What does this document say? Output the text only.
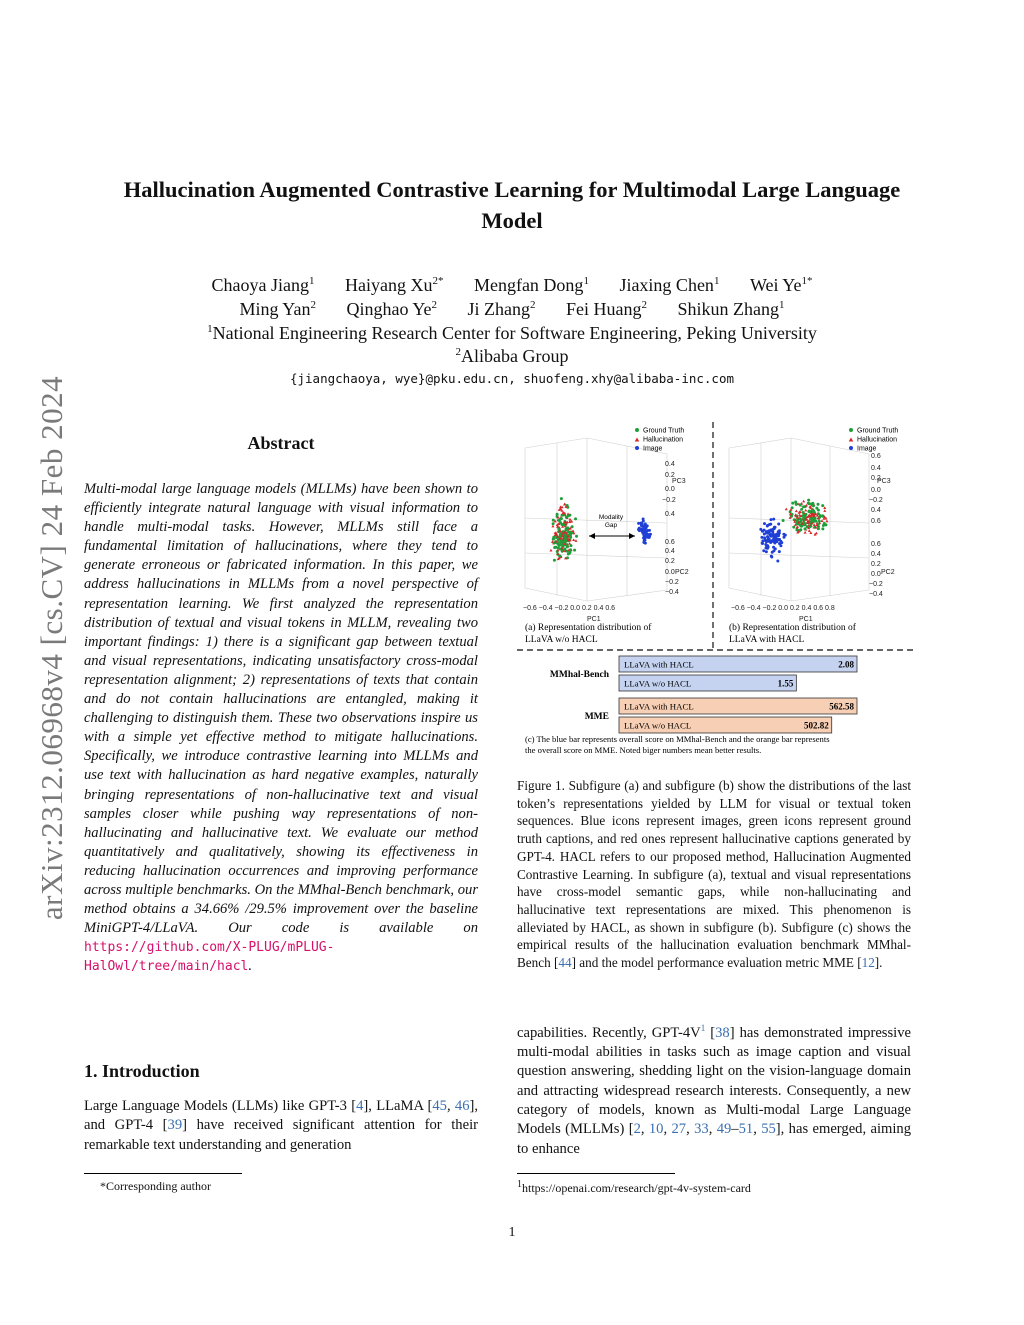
Hallucination Augmented Contrastive Learning for Multimodal Large Language
Model
Chaoya Jiang$^1$ Haiyang $Xu^{2*}$ Mengfan Dong$^1$ Jiaxing Chen$^1$ Wei $Ye^{1*}$
Ming Yan$^2$ Qinghao Ye$^2$ Ji Zhang$^2$ Fei Huang$^2$ Shikun Zhang$^1$
$^1$National Engineering Research Center for Software Engineering, Peking University
$^2$Alibaba Group
{jiangchaoya, wye}@pku.edu.cn, shuofeng.xhy@alibaba-inc.com
arXiv:2312.06968v4 [cs.CV] 24 Feb 2024	Abstract
Multi-modal large language models (MLLMs) have been shown to efficiently integrate natural language with visual information to handle multi-modal tasks. However, MLLMs still face a fundamental limitation of hallucinations, where they tend to generate erroneous or fabricated information. In this paper, we address hallucinations in MLLMs from a novel perspective of representation learning. We first analyzed the representation distribution of textual and visual tokens in MLLM, revealing two important findings: 1) there is a significant gap between textual and visual representations, indicating unsatisfactory cross-modal representation alignment; 2) representations of texts that contain and do not contain hallucinations are entangled, making it challenging to distinguish them. These two observations inspire us with a simple yet effective method to mitigate hallucinations. Specifically, we introduce contrastive learning into MLLMs and use text with hallucination as hard negative examples, naturally bringing representations of non-hallucinative text and visual samples closer while pushing way representations of non-hallucinating and hallucinative text. We evaluate our method quantitatively and qualitatively, showing its effectiveness in reducing hallucination occurrences and improving performance across multiple benchmarks. On the MMhal-Bench benchmark, our method obtains a 34.66% /29.5% improvement over the baseline MiniGPT-4/LLaVA. Our code is available on https://github.com/X-PLUG/mPLUG-HalOwl/tree/main/hacl.
1. Introduction
Large Language Models (LLMs) like GPT-3 [4], LLaMA [45, 46], and GPT-4 [39] have received significant attention for their remarkable text understanding and generation
*Corresponding author
Modality
Gap
Ground Truth
Hallucination
Image
Ground Truth
Hallucination
Image
0.4
0.2
PC3
0.0
−0.2
0.4
0.6
0.4
0.2
0.0 PC2
−0.2
−0.4
−0.6 −0.4 −0.2 0.0 0.2 0.4 0.6
PC1
0.6
0.4
0.2
PC3
0.0
−0.2
0.4
0.6
0.6
0.4
0.2
0.0 PC2
−0.2
−0.4
−0.6 −0.4 −0.2 0.0 0.2 0.4 0.6 0.8
PC1
(a) Representation distribution of
LLaVA w/o HACL
(b) Representation distribution of
LLaVA with HACL
LLaVA with HACL	2.08
LLaVA w/o HACL	1.55
MMhal-Bench
LLaVA with HACL	562.58
LLaVA w/o HACL	502.82
MME
(c) The blue bar represents overall score on MMhal-Bench and the orange bar represents
the overall score on MME. Noted biger numbers mean better results.
Figure 1. Subfigure (a) and subfigure (b) show the distributions of the last token’s representations yielded by LLM for visual or textual token sequences. Blue icons represent images, green icons represent ground truth captions, and red ones represent hallucinative captions generated by GPT-4. HACL refers to our proposed method, Hallucination Augmented Contrastive Learning. In subfigure (a), textual and visual representations have cross-model semantic gaps, while non-hallucinating and hallucinative text representations are mixed. This phenomenon is alleviated by HACL, as shown in subfigure (b). Subfigure (c) shows the empirical results of the hallucination evaluation benchmark MMhal-Bench [44] and the model performance evaluation metric MME [12].
capabilities. Recently, GPT-4V$^1$ [38] has demonstrated impressive multi-modal abilities in tasks such as image caption and visual question answering, shedding light on the vision-language domain and attracting widespread research interests. Consequently, a new category of models, known as Multi-modal Large Language Models (MLLMs) [2, 10, 27, 33, 49–51, 55], has emerged, aiming to enhance
$^1$https://openai.com/research/gpt-4v-system-card
1
